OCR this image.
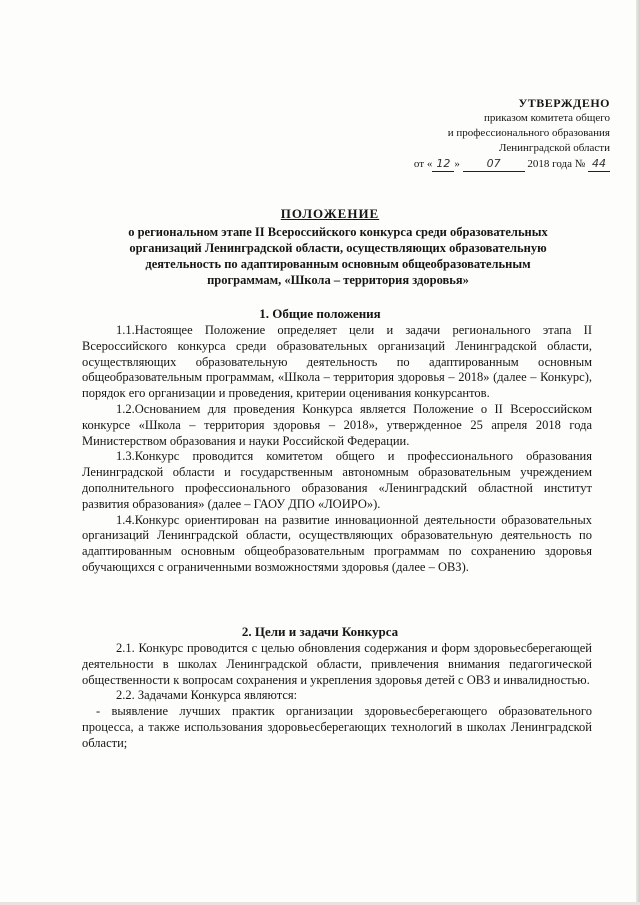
УТВЕРЖДЕНО
приказом комитета общего
и профессионального образования
Ленинградской области
от « 12 » 07 2018 года № 44
ПОЛОЖЕНИЕ
о региональном этапе II Всероссийского конкурса среди образовательных
организаций Ленинградской области, осуществляющих образовательную
деятельность по адаптированным основным общеобразовательным
программам, «Школа – территория здоровья»
1. Общие положения

1.1.Настоящее Положение определяет цели и задачи регионального этапа II Всероссийского конкурса среди образовательных организаций Ленинградской области, осуществляющих образовательную деятельность по адаптированным основным общеобразовательным программам, «Школа – территория здоровья – 2018» (далее – Конкурс), порядок его организации и проведения, критерии оценивания конкурсантов.

1.2.Основанием для проведения Конкурса является Положение о II Всероссийском конкурсе «Школа – территория здоровья – 2018», утвержденное 25 апреля 2018 года Министерством образования и науки Российской Федерации.

1.3.Конкурс проводится комитетом общего и профессионального образования Ленинградской области и государственным автономным образовательным учреждением дополнительного профессионального образования «Ленинградский областной институт развития образования» (далее – ГАОУ ДПО «ЛОИРО»).

1.4.Конкурс ориентирован на развитие инновационной деятельности образовательных организаций Ленинградской области, осуществляющих образовательную деятельность по адаптированным основным общеобразовательным программам по сохранению здоровья обучающихся с ограниченными возможностями здоровья (далее – ОВЗ).

2. Цели и задачи Конкурса

2.1. Конкурс проводится с целью обновления содержания и форм здоровьесберегающей деятельности в школах Ленинградской области, привлечения внимания педагогической общественности к вопросам сохранения и укрепления здоровья детей с ОВЗ и инвалидностью.

2.2. Задачами Конкурса являются:

- выявление лучших практик организации здоровьесберегающего образовательного процесса, а также использования здоровьесберегающих технологий в школах Ленинградской области;
